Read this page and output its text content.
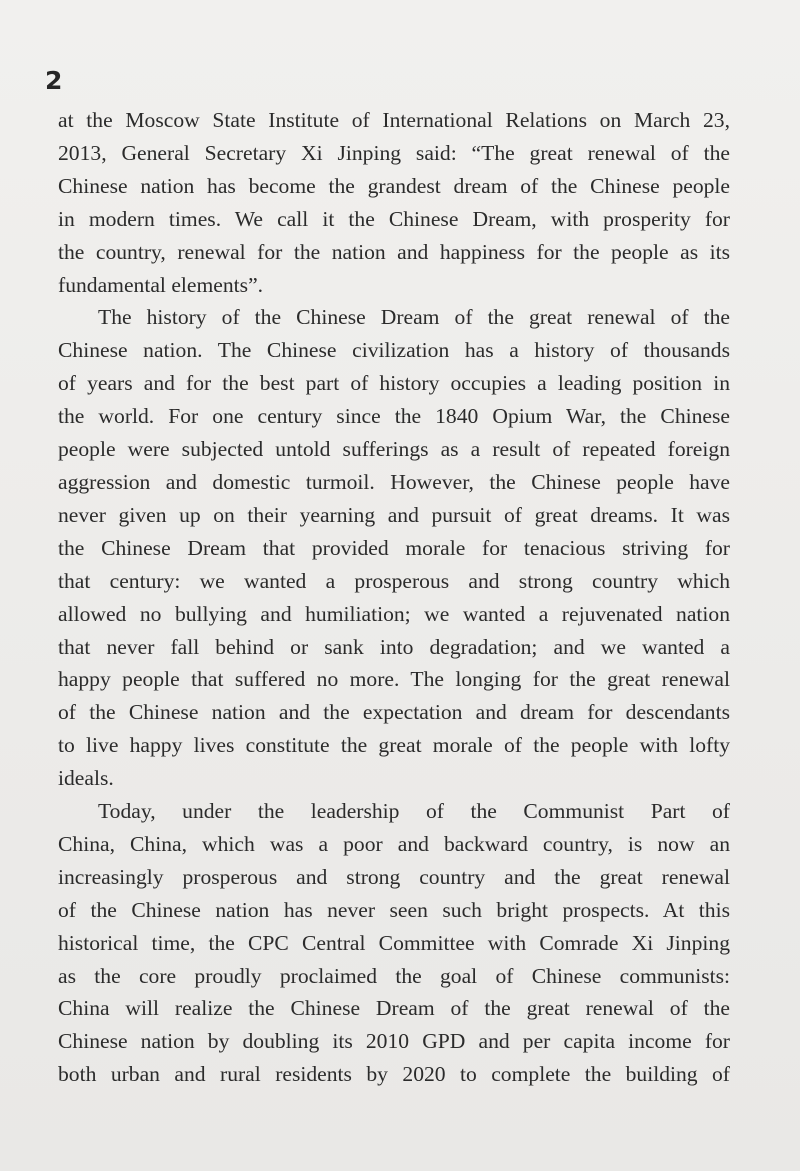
2

at the Moscow State Institute of International Relations on March 23,
2013, General Secretary Xi Jinping said: “The great renewal of the
Chinese nation has become the grandest dream of the Chinese people
in modern times. We call it the Chinese Dream, with prosperity for
the country, renewal for the nation and happiness for the people as its
fundamental elements”.

The history of the Chinese Dream of the great renewal of the
Chinese nation. The Chinese civilization has a history of thousands
of years and for the best part of history occupies a leading position in
the world. For one century since the 1840 Opium War, the Chinese
people were subjected untold sufferings as a result of repeated foreign
aggression and domestic turmoil. However, the Chinese people have
never given up on their yearning and pursuit of great dreams. It was
the Chinese Dream that provided morale for tenacious striving for
that century: we wanted a prosperous and strong country which
allowed no bullying and humiliation; we wanted a rejuvenated nation
that never fall behind or sank into degradation; and we wanted a
happy people that suffered no more. The longing for the great renewal
of the Chinese nation and the expectation and dream for descendants
to live happy lives constitute the great morale of the people with lofty
ideals.

Today, under the leadership of the Communist Part of
China, China, which was a poor and backward country, is now an
increasingly prosperous and strong country and the great renewal
of the Chinese nation has never seen such bright prospects. At this
historical time, the CPC Central Committee with Comrade Xi Jinping
as the core proudly proclaimed the goal of Chinese communists:
China will realize the Chinese Dream of the great renewal of the
Chinese nation by doubling its 2010 GPD and per capita income for
both urban and rural residents by 2020 to complete the building of
